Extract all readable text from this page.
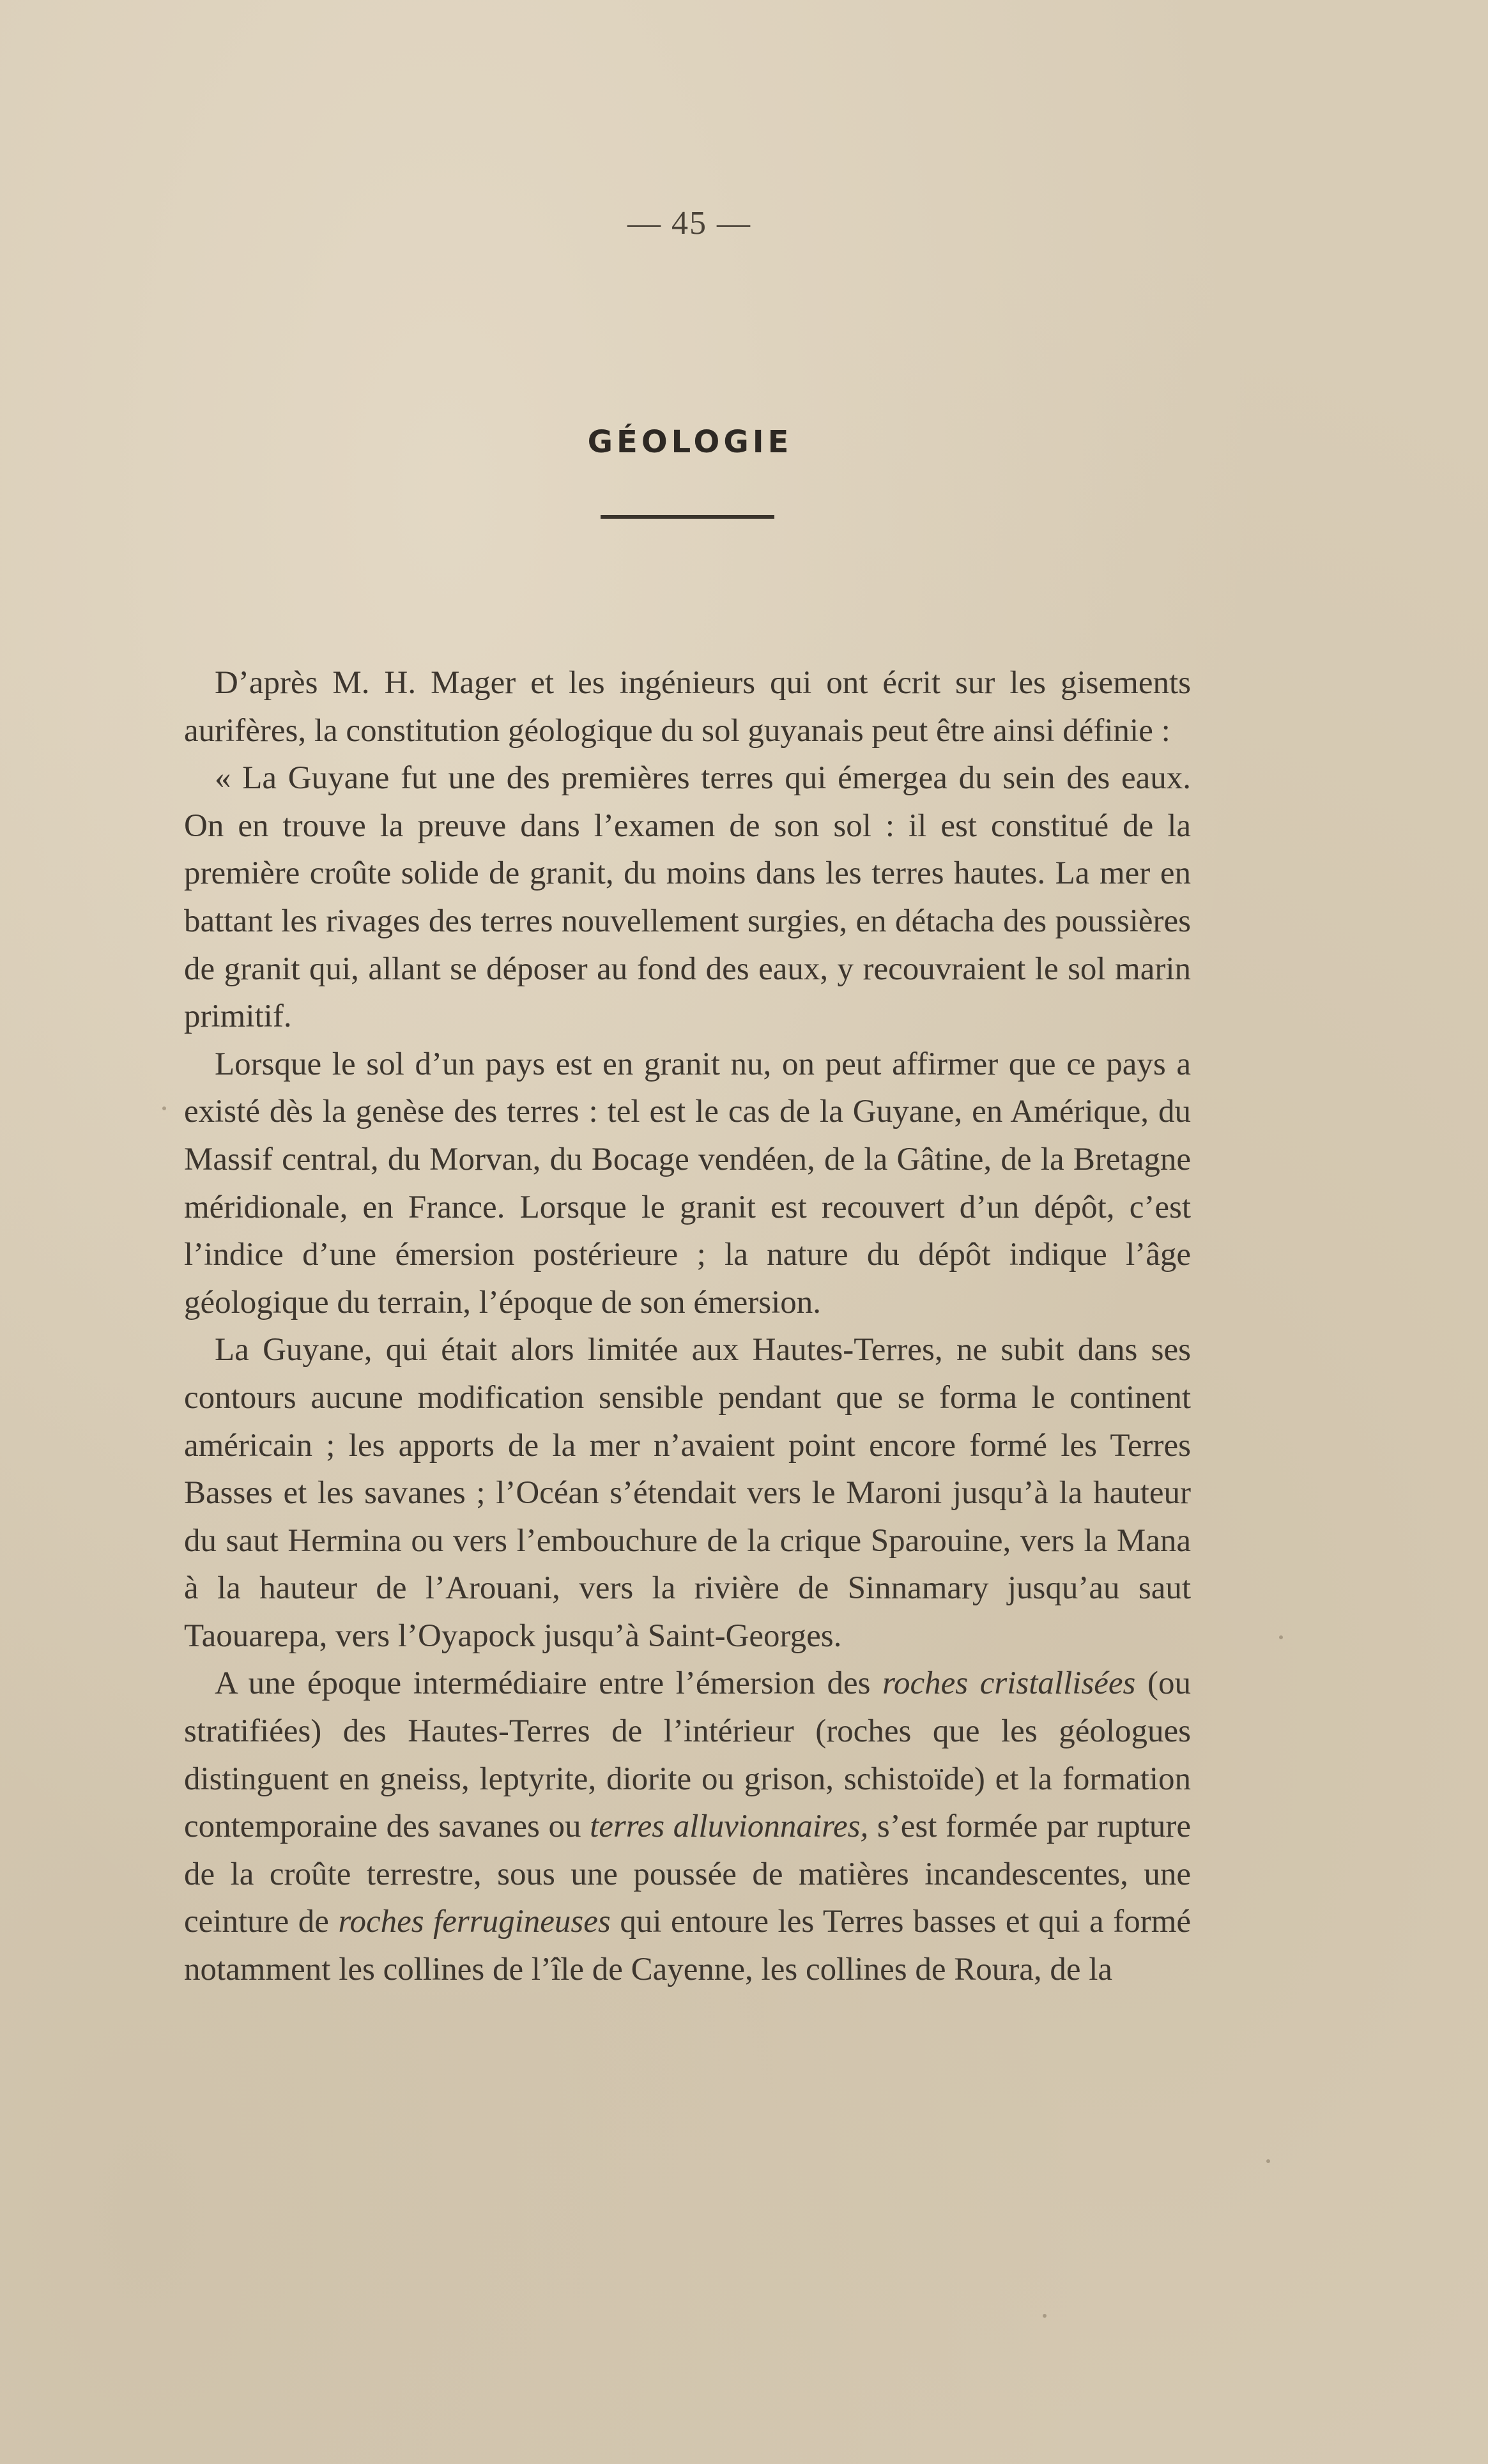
— 45 —
GÉOLOGIE

D’après M. H. Mager et les ingénieurs qui ont écrit sur les gisements aurifères, la constitution géologique du sol guyanais peut être ainsi définie :

« La Guyane fut une des premières terres qui émergea du sein des eaux. On en trouve la preuve dans l’examen de son sol : il est constitué de la première croûte solide de granit, du moins dans les terres hautes. La mer en battant les rivages des terres nouvellement surgies, en détacha des poussières de granit qui, allant se déposer au fond des eaux, y recouvraient le sol marin primitif.

Lorsque le sol d’un pays est en granit nu, on peut affirmer que ce pays a existé dès la genèse des terres : tel est le cas de la Guyane, en Amérique, du Massif central, du Morvan, du Bocage vendéen, de la Gâtine, de la Bretagne méridionale, en France. Lorsque le granit est recouvert d’un dépôt, c’est l’indice d’une émersion postérieure ; la nature du dépôt indique l’âge géologique du terrain, l’époque de son émersion.

La Guyane, qui était alors limitée aux Hautes-Terres, ne subit dans ses contours aucune modification sensible pendant que se forma le continent américain ; les apports de la mer n’avaient point encore formé les Terres Basses et les savanes ; l’Océan s’étendait vers le Maroni jusqu’à la hauteur du saut Hermina ou vers l’embouchure de la crique Sparouine, vers la Mana à la hauteur de l’Arouani, vers la rivière de Sinnamary jusqu’au saut Taouarepa, vers l’Oyapock jusqu’à Saint-Georges.

A une époque intermédiaire entre l’émersion des roches cristallisées (ou stratifiées) des Hautes-Terres de l’intérieur (roches que les géologues distinguent en gneiss, leptyrite, diorite ou grison, schistoïde) et la formation contemporaine des savanes ou terres alluvionnaires, s’est formée par rupture de la croûte terrestre, sous une poussée de matières incandescentes, une ceinture de roches ferrugineuses qui entoure les Terres basses et qui a formé notamment les collines de l’île de Cayenne, les collines de Roura, de la
